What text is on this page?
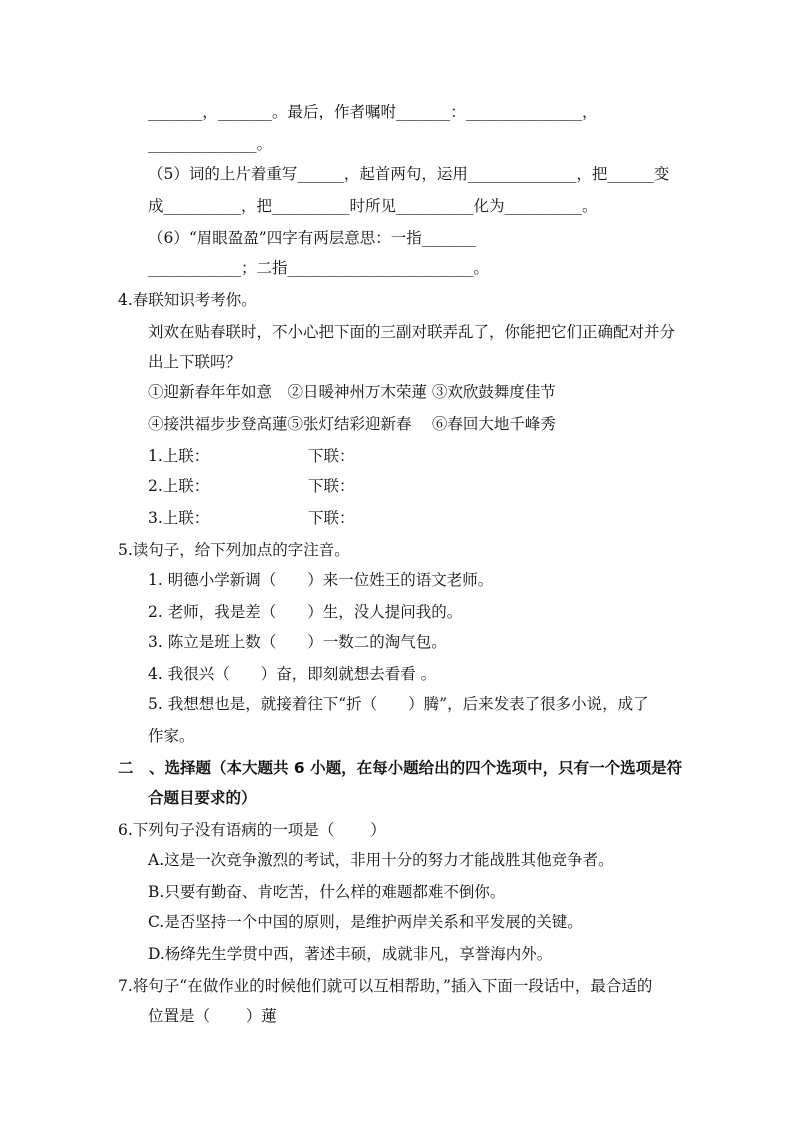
_______，_______。最后，作者嘱咐_______：_______________，
______________。
（5）词的上片着重写______，起首两句，运用______________，把______变
成__________，把__________时所见__________化为__________。
（6）“眉眼盈盈”四字有两层意思：一指_______
____________；二指________________________。
4.春联知识考考你。
刘欢在贴春联时，不小心把下面的三副对联弄乱了，你能把它们正确配对并分
出上下联吗？
①迎新春年年如意　②日暖神州万木荣蓮 ③欢欣鼓舞度佳节
④接洪福步步登高蓮⑤张灯结彩迎新春　 ⑥春回大地千峰秀
1.上联：	下联：
2.上联：	下联：
3.上联：	下联：
5.读句子，给下列加点的字注音。
1. 明德小学新调（　　）来一位姓王的语文老师。
2. 老师，我是差（　　）生，没人提问我的。
3. 陈立是班上数（　　）一数二的淘气包。
4. 我很兴（　　）奋，即刻就想去看看 。
5. 我想想也是，就接着往下“折（　　）腾”，后来发表了很多小说，成了
作家。
二　、选择题（本大题共 6 小题，在每小题给出的四个选项中，只有一个选项是符
合题目要求的）
6.下列句子没有语病的一项是（　　 ）
A.这是一次竞争激烈的考试，非用十分的努力才能战胜其他竞争者。
B.只要有勤奋、肯吃苦，什么样的难题都难不倒你。
C.是否坚持一个中国的原则，是维护两岸关系和平发展的关键。
D.杨绛先生学贯中西，著述丰硕，成就非凡，享誉海内外。
7.将句子“在做作业的时候他们就可以互相帮助，”插入下面一段话中，最合适的
位置是（　　 ）蓮
